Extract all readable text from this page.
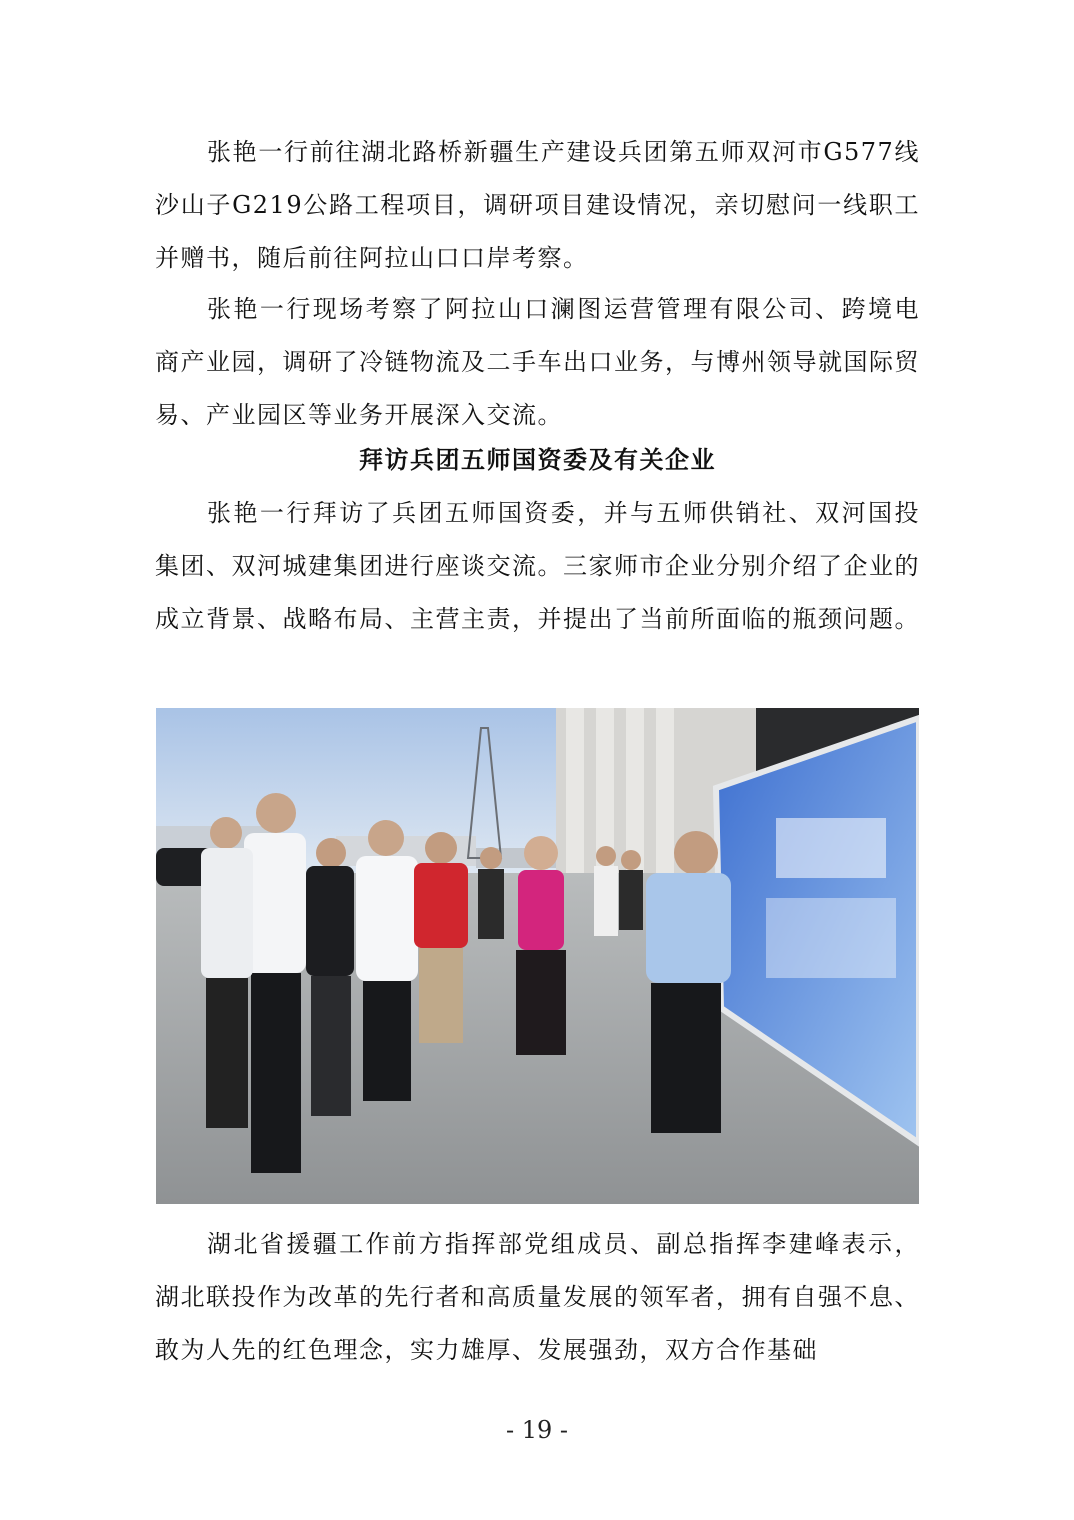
张艳一行前往湖北路桥新疆生产建设兵团第五师双河市G577线沙山子G219公路工程项目，调研项目建设情况，亲切慰问一线职工并赠书，随后前往阿拉山口口岸考察。

张艳一行现场考察了阿拉山口澜图运营管理有限公司、跨境电商产业园，调研了冷链物流及二手车出口业务，与博州领导就国际贸易、产业园区等业务开展深入交流。

拜访兵团五师国资委及有关企业

张艳一行拜访了兵团五师国资委，并与五师供销社、双河国投集团、双河城建集团进行座谈交流。三家师市企业分别介绍了企业的成立背景、战略布局、主营主责，并提出了当前所面临的瓶颈问题。

湖北省援疆工作前方指挥部党组成员、副总指挥李建峰表示，湖北联投作为改革的先行者和高质量发展的领军者，拥有自强不息、敢为人先的红色理念，实力雄厚、发展强劲，双方合作基础

- 19 -
